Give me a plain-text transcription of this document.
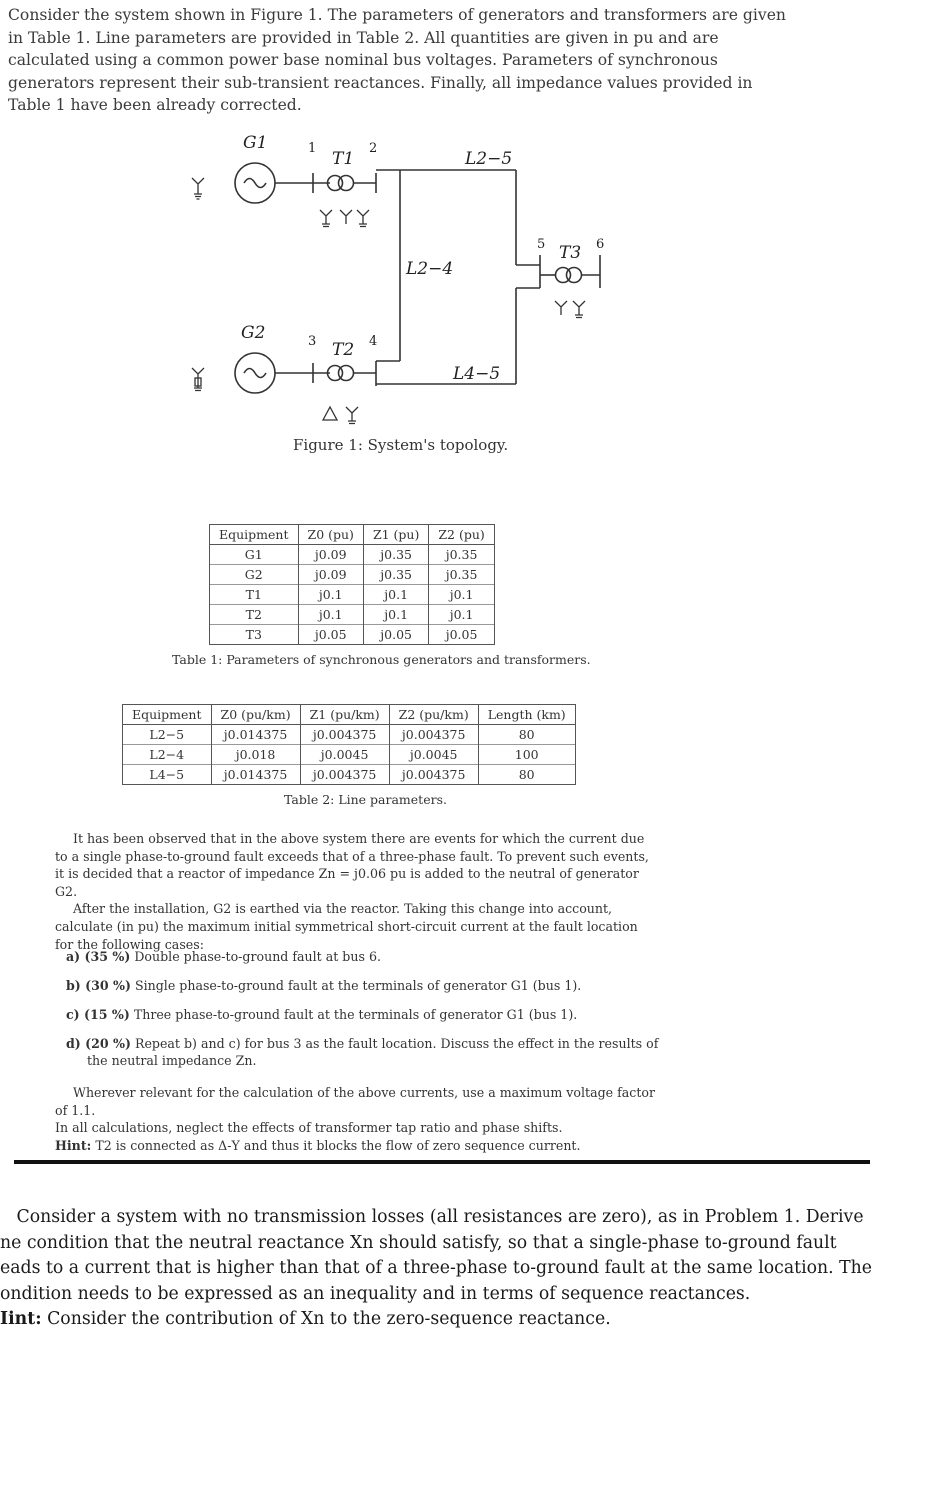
Consider the system shown in Figure 1. The parameters of generators and transformers are given in Table 1. Line parameters are provided in Table 2. All quantities are given in pu and are calculated using a common power base nominal bus voltages. Parameters of synchronous generators represent their sub-transient reactances. Finally, all impedance values provided in Table 1 have been already corrected.
G1	1
T1
2
L2−5
L2−4
5 T3 6
G2	3 T2 4
L4−5
Figure 1: System's topology.
Equipment	Z0 (pu)	Z1 (pu)	Z2 (pu)
G1	j0.09	j0.35	j0.35
G2	j0.09	j0.35	j0.35
T1	j0.1	j0.1	j0.1
T2	j0.1	j0.1	j0.1
T3	j0.05	j0.05	j0.05
Table 1: Parameters of synchronous generators and transformers.
Equipment	Z0 (pu/km)	Z1 (pu/km)	Z2 (pu/km)	Length (km)
L2−5	j0.014375	j0.004375	j0.004375	80
L2−4	j0.018	j0.0045	j0.0045	100
L4−5	j0.014375	j0.004375	j0.004375	80
Table 2: Line parameters.

It has been observed that in the above system there are events for which the current due to a single phase-to-ground fault exceeds that of a three-phase fault. To prevent such events, it is decided that a reactor of impedance Zn = j0.06 pu is added to the neutral of generator G2.

After the installation, G2 is earthed via the reactor. Taking this change into account, calculate (in pu) the maximum initial symmetrical short-circuit current at the fault location for the following cases:

a) (35 %) Double phase-to-ground fault at bus 6.
b) (30 %) Single phase-to-ground fault at the terminals of generator G1 (bus 1).
c) (15 %) Three phase-to-ground fault at the terminals of generator G1 (bus 1).
d) (20 %) Repeat b) and c) for bus 3 as the fault location. Discuss the effect in the results of the neutral impedance Zn.

Wherever relevant for the calculation of the above currents, use a maximum voltage factor of 1.1.

In all calculations, neglect the effects of transformer tap ratio and phase shifts.

Hint: T2 is connected as Δ-Y and thus it blocks the flow of zero sequence current.

Consider a system with no transmission losses (all resistances are zero), as in Problem 1. Derive
ne condition that the neutral reactance Xn should satisfy, so that a single-phase to-ground fault
eads to a current that is higher than that of a three-phase to-ground fault at the same location. The
ondition needs to be expressed as an inequality and in terms of sequence reactances.
Iint: Consider the contribution of Xn to the zero-sequence reactance.
